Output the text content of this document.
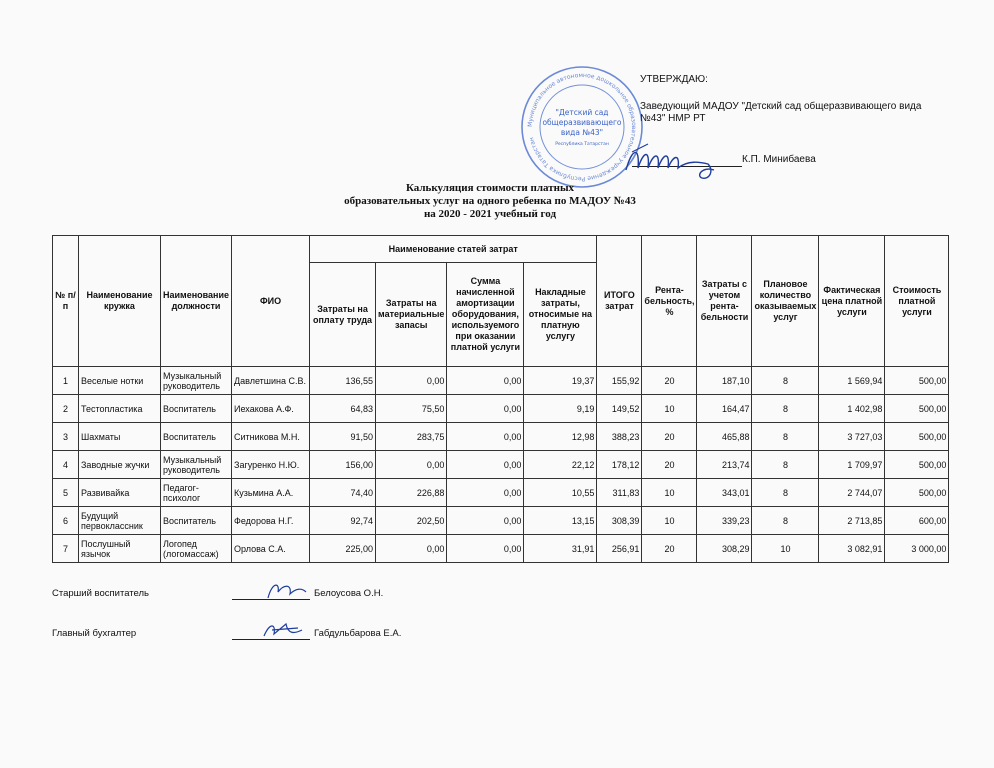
Муниципальное автономное дошкольное образовательное учреждение Республика Татарстан
"Детский сад
общеразвивающего
вида №43"
Республика Татарстан
УТВЕРЖДАЮ:
Заведующий МАДОУ "Детский сад общеразвивающего вида №43" НМР РТ
К.П. Минибаева
Калькуляция стоимости платных
образовательных услуг на одного ребенка по МАДОУ №43
на 2020 - 2021 учебный год
№ п/п	Наименование кружка	Наименование должности	ФИО	Наименование статей затрат				ИТОГО затрат	Рента-бельность, %	Затраты с учетом рента-бельности	Плановое количество оказываемых услуг	Фактическая цена платной услуги	Стоимость платной услуги
				Затраты на оплату труда	Затраты на материальные запасы	Сумма начисленной амортизации оборудования, используемого при оказании платной услуги	Накладные затраты, относимые на платную услугу						
1	Веселые нотки	Музыкальный руководитель	Давлетшина С.В.	136,55	0,00	0,00	19,37	155,92	20	187,10	8	1 569,94	500,00
2	Тестопластика	Воспитатель	Иехакова А.Ф.	64,83	75,50	0,00	9,19	149,52	10	164,47	8	1 402,98	500,00
3	Шахматы	Воспитатель	Ситникова М.Н.	91,50	283,75	0,00	12,98	388,23	20	465,88	8	3 727,03	500,00
4	Заводные жучки	Музыкальный руководитель	Загуренко Н.Ю.	156,00	0,00	0,00	22,12	178,12	20	213,74	8	1 709,97	500,00
5	Развивайка	Педагог-психолог	Кузьмина А.А.	74,40	226,88	0,00	10,55	311,83	10	343,01	8	2 744,07	500,00
6	Будущий первоклассник	Воспитатель	Федорова Н.Г.	92,74	202,50	0,00	13,15	308,39	10	339,23	8	2 713,85	600,00
7	Послушный язычок	Логопед (логомассаж)	Орлова С.А.	225,00	0,00	0,00	31,91	256,91	20	308,29	10	3 082,91	3 000,00
Старший воспитатель	Белоусова О.Н.
Главный бухгалтер	Габдульбарова Е.А.
